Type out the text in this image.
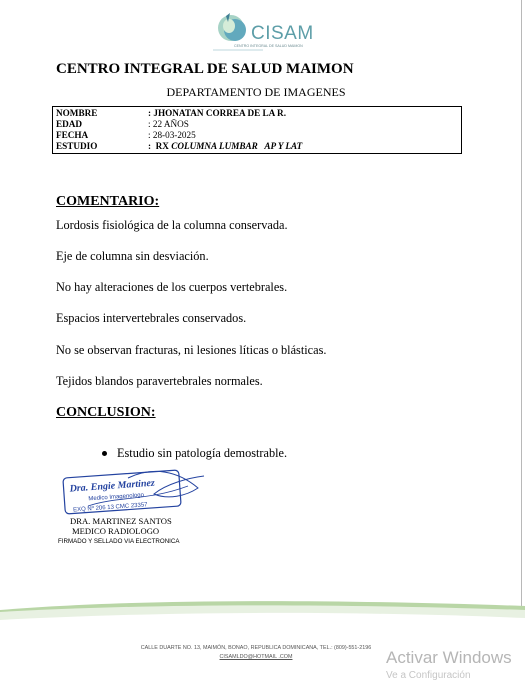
CISAM
CENTRO INTEGRAL DE SALUD MAIMON
CENTRO INTEGRAL DE SALUD MAIMON
DEPARTAMENTO DE IMAGENES
NOMBRE	: JHONATAN CORREA DE LA R.
EDAD	: 22 AÑOS
FECHA	: 28-03-2025
ESTUDIO	:  RX COLUMNA LUMBAR   AP Y LAT
COMENTARIO:
Lordosis fisiológica de la columna conservada.
Eje de columna sin desviación.
No hay alteraciones de los cuerpos vertebrales.
Espacios intervertebrales conservados.
No se observan fracturas, ni lesiones líticas o blásticas.
Tejidos blandos paravertebrales normales.
CONCLUSION:
Estudio sin patología demostrable.
Dra. Engie Martinez
Medico Imagenologo
EXQ Nº 206 13 CMC 23357
DRA. MARTINEZ SANTOS
MEDICO RADIOLOGO
FIRMADO Y SELLADO VIA ELECTRONICA
CALLE DUARTE NO. 13, MAIMÓN, BONAO, REPUBLICA DOMINICANA, TEL.: (809)-551-2196
CISAMLDO@HOTMAIL .COM	Activar Windows
Ve a Configuración
